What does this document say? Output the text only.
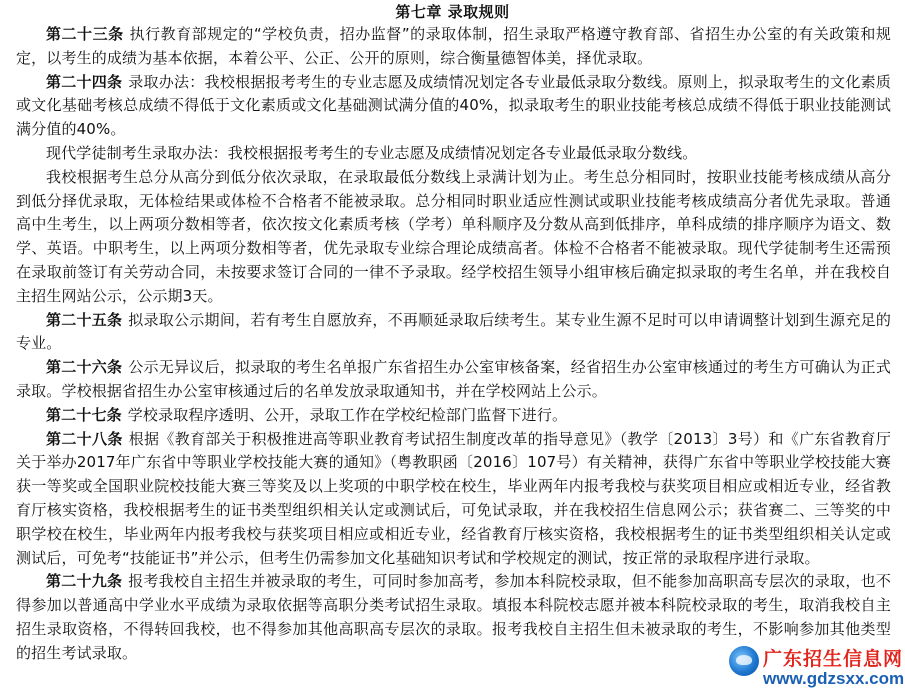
第七章 录取规则

第二十三条 执行教育部规定的“学校负责，招办监督”的录取体制，招生录取严格遵守教育部、省招生办公室的有关政策和规定，以考生的成绩为基本依据，本着公平、公正、公开的原则，综合衡量德智体美，择优录取。

第二十四条 录取办法：我校根据报考考生的专业志愿及成绩情况划定各专业最低录取分数线。原则上，拟录取考生的文化素质或文化基础考核总成绩不得低于文化素质或文化基础测试满分值的40%，拟录取考生的职业技能考核总成绩不得低于职业技能测试满分值的40%。

现代学徒制考生录取办法：我校根据报考考生的专业志愿及成绩情况划定各专业最低录取分数线。

我校根据考生总分从高分到低分依次录取，在录取最低分数线上录满计划为止。考生总分相同时，按职业技能考核成绩从高分到低分择优录取，无体检结果或体检不合格者不能被录取。总分相同时职业适应性测试或职业技能考核成绩高分者优先录取。普通高中生考生，以上两项分数相等者，依次按文化素质考核（学考）单科顺序及分数从高到低排序，单科成绩的排序顺序为语文、数学、英语。中职考生，以上两项分数相等者，优先录取专业综合理论成绩高者。体检不合格者不能被录取。现代学徒制考生还需预在录取前签订有关劳动合同，未按要求签订合同的一律不予录取。经学校招生领导小组审核后确定拟录取的考生名单，并在我校自主招生网站公示，公示期3天。

第二十五条 拟录取公示期间，若有考生自愿放弃，不再顺延录取后续考生。某专业生源不足时可以申请调整计划到生源充足的专业。

第二十六条 公示无异议后，拟录取的考生名单报广东省招生办公室审核备案，经省招生办公室审核通过的考生方可确认为正式录取。学校根据省招生办公室审核通过后的名单发放录取通知书，并在学校网站上公示。

第二十七条 学校录取程序透明、公开，录取工作在学校纪检部门监督下进行。

第二十八条 根据《教育部关于积极推进高等职业教育考试招生制度改革的指导意见》（教学〔2013〕3号）和《广东省教育厅关于举办2017年广东省中等职业学校技能大赛的通知》（粤教职函〔2016〕107号）有关精神，获得广东省中等职业学校技能大赛获一等奖或全国职业院校技能大赛三等奖及以上奖项的中职学校在校生，毕业两年内报考我校与获奖项目相应或相近专业，经省教育厅核实资格，我校根据考生的证书类型组织相关认定或测试后，可免试录取，并在我校招生信息网公示；获省赛二、三等奖的中职学校在校生，毕业两年内报考我校与获奖项目相应或相近专业，经省教育厅核实资格，我校根据考生的证书类型组织相关认定或测试后，可免考“技能证书”并公示，但考生仍需参加文化基础知识考试和学校规定的测试，按正常的录取程序进行录取。

第二十九条 报考我校自主招生并被录取的考生，可同时参加高考，参加本科院校录取，但不能参加高职高专层次的录取，也不得参加以普通高中学业水平成绩为录取依据等高职分类考试招生录取。填报本科院校志愿并被本科院校录取的考生，取消我校自主招生录取资格，不得转回我校，也不得参加其他高职高专层次的录取。报考我校自主招生但未被录取的考生，不影响参加其他类型的招生考试录取。	广东招生信息网
www.gdzsxx.com
